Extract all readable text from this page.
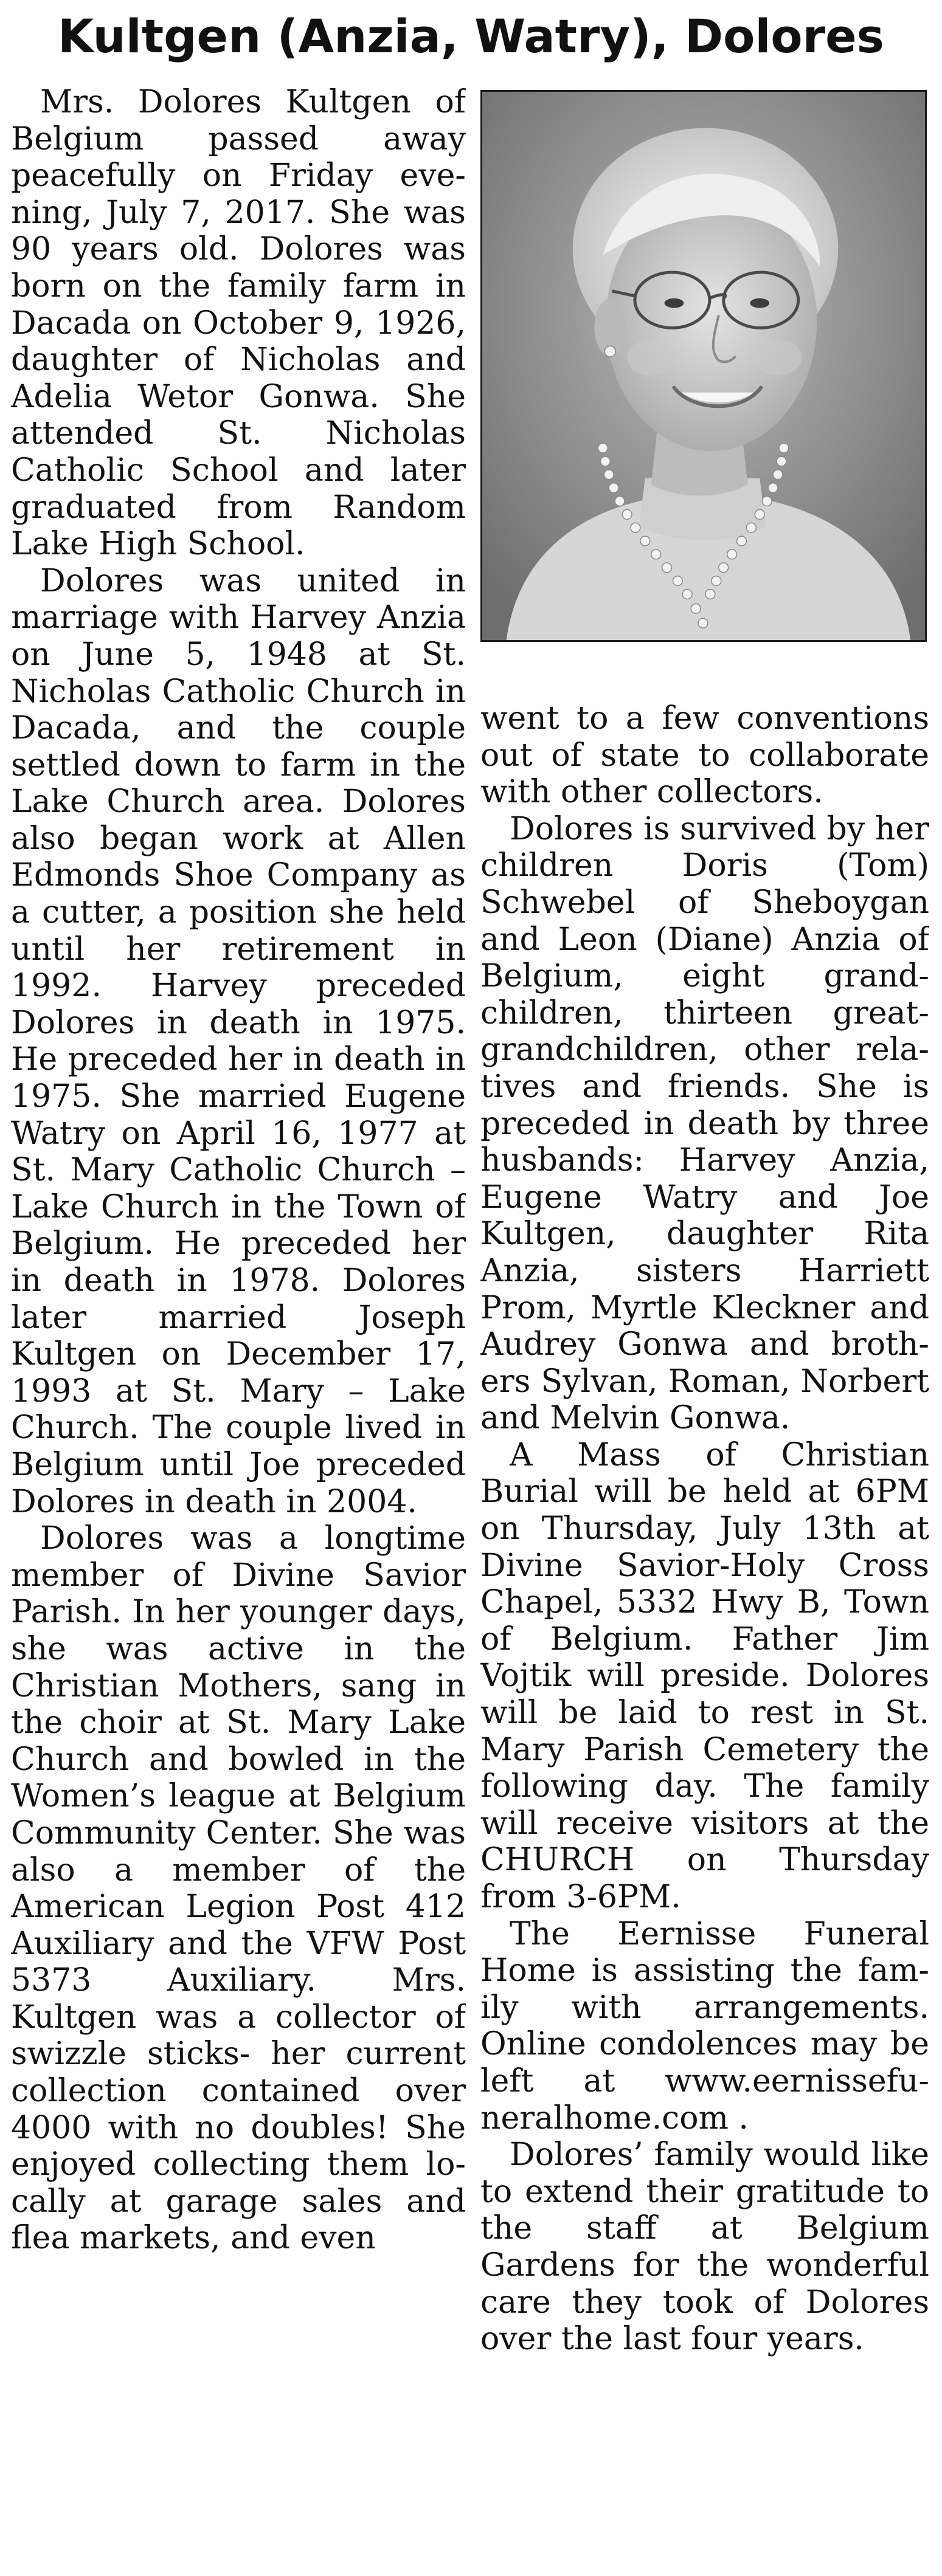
Kultgen (Anzia, Watry), Dolores

Mrs. Dolores Kultgen of Belgium passed away peacefully on Friday evening, July 7, 2017. She was 90 years old. Dolores was born on the family farm in Dacada on October 9, 1926, daughter of Nicholas and Adelia Wetor Gonwa. She attended St. Nicholas Catholic School and later graduated from Random Lake High School.

Dolores was united in marriage with Harvey Anzia on June 5, 1948 at St. Nicholas Catholic Church in Dacada, and the couple settled down to farm in the Lake Church area. Dolores also began work at Allen Edmonds Shoe Company as a cutter, a position she held until her retirement in 1992. Harvey preceded Dolores in death in 1975. He preceded her in death in 1975. She married Eugene Watry on April 16, 1977 at St. Mary Catholic Church – Lake Church in the Town of Belgium. He preceded her in death in 1978. Dolores later married Joseph Kultgen on December 17, 1993 at St. Mary – Lake Church. The couple lived in Belgium until Joe preceded Dolores in death in 2004.

Dolores was a longtime member of Divine Savior Parish. In her younger days, she was active in the Christian Mothers, sang in the choir at St. Mary Lake Church and bowled in the Women’s league at Belgium Community Center. She was also a member of the American Legion Post 412 Auxiliary and the VFW Post 5373 Auxiliary. Mrs. Kultgen was a collector of swizzle sticks- her current collection contained over 4000 with no doubles! She enjoyed collecting them locally at garage sales and flea markets, and even

went to a few conventions out of state to collaborate with other collectors.

Dolores is survived by her children Doris (Tom) Schwebel of Sheboygan and Leon (Diane) Anzia of Belgium, eight grandchildren, thirteen great-grandchildren, other relatives and friends. She is preceded in death by three husbands: Harvey Anzia, Eugene Watry and Joe Kultgen, daughter Rita Anzia, sisters Harriett Prom, Myrtle Kleckner and Audrey Gonwa and brothers Sylvan, Roman, Norbert and Melvin Gonwa.

A Mass of Christian Burial will be held at 6PM on Thursday, July 13th at Divine Savior-Holy Cross Chapel, 5332 Hwy B, Town of Belgium. Father Jim Vojtik will preside. Dolores will be laid to rest in St. Mary Parish Cemetery the following day. The family will receive visitors at the CHURCH on Thursday from 3-6PM.

The Eernisse Funeral Home is assisting the family with arrangements. Online condolences may be left at www.eernissefuneralhome.com .

Dolores’ family would like to extend their gratitude to the staff at Belgium Gardens for the wonderful care they took of Dolores over the last four years.
